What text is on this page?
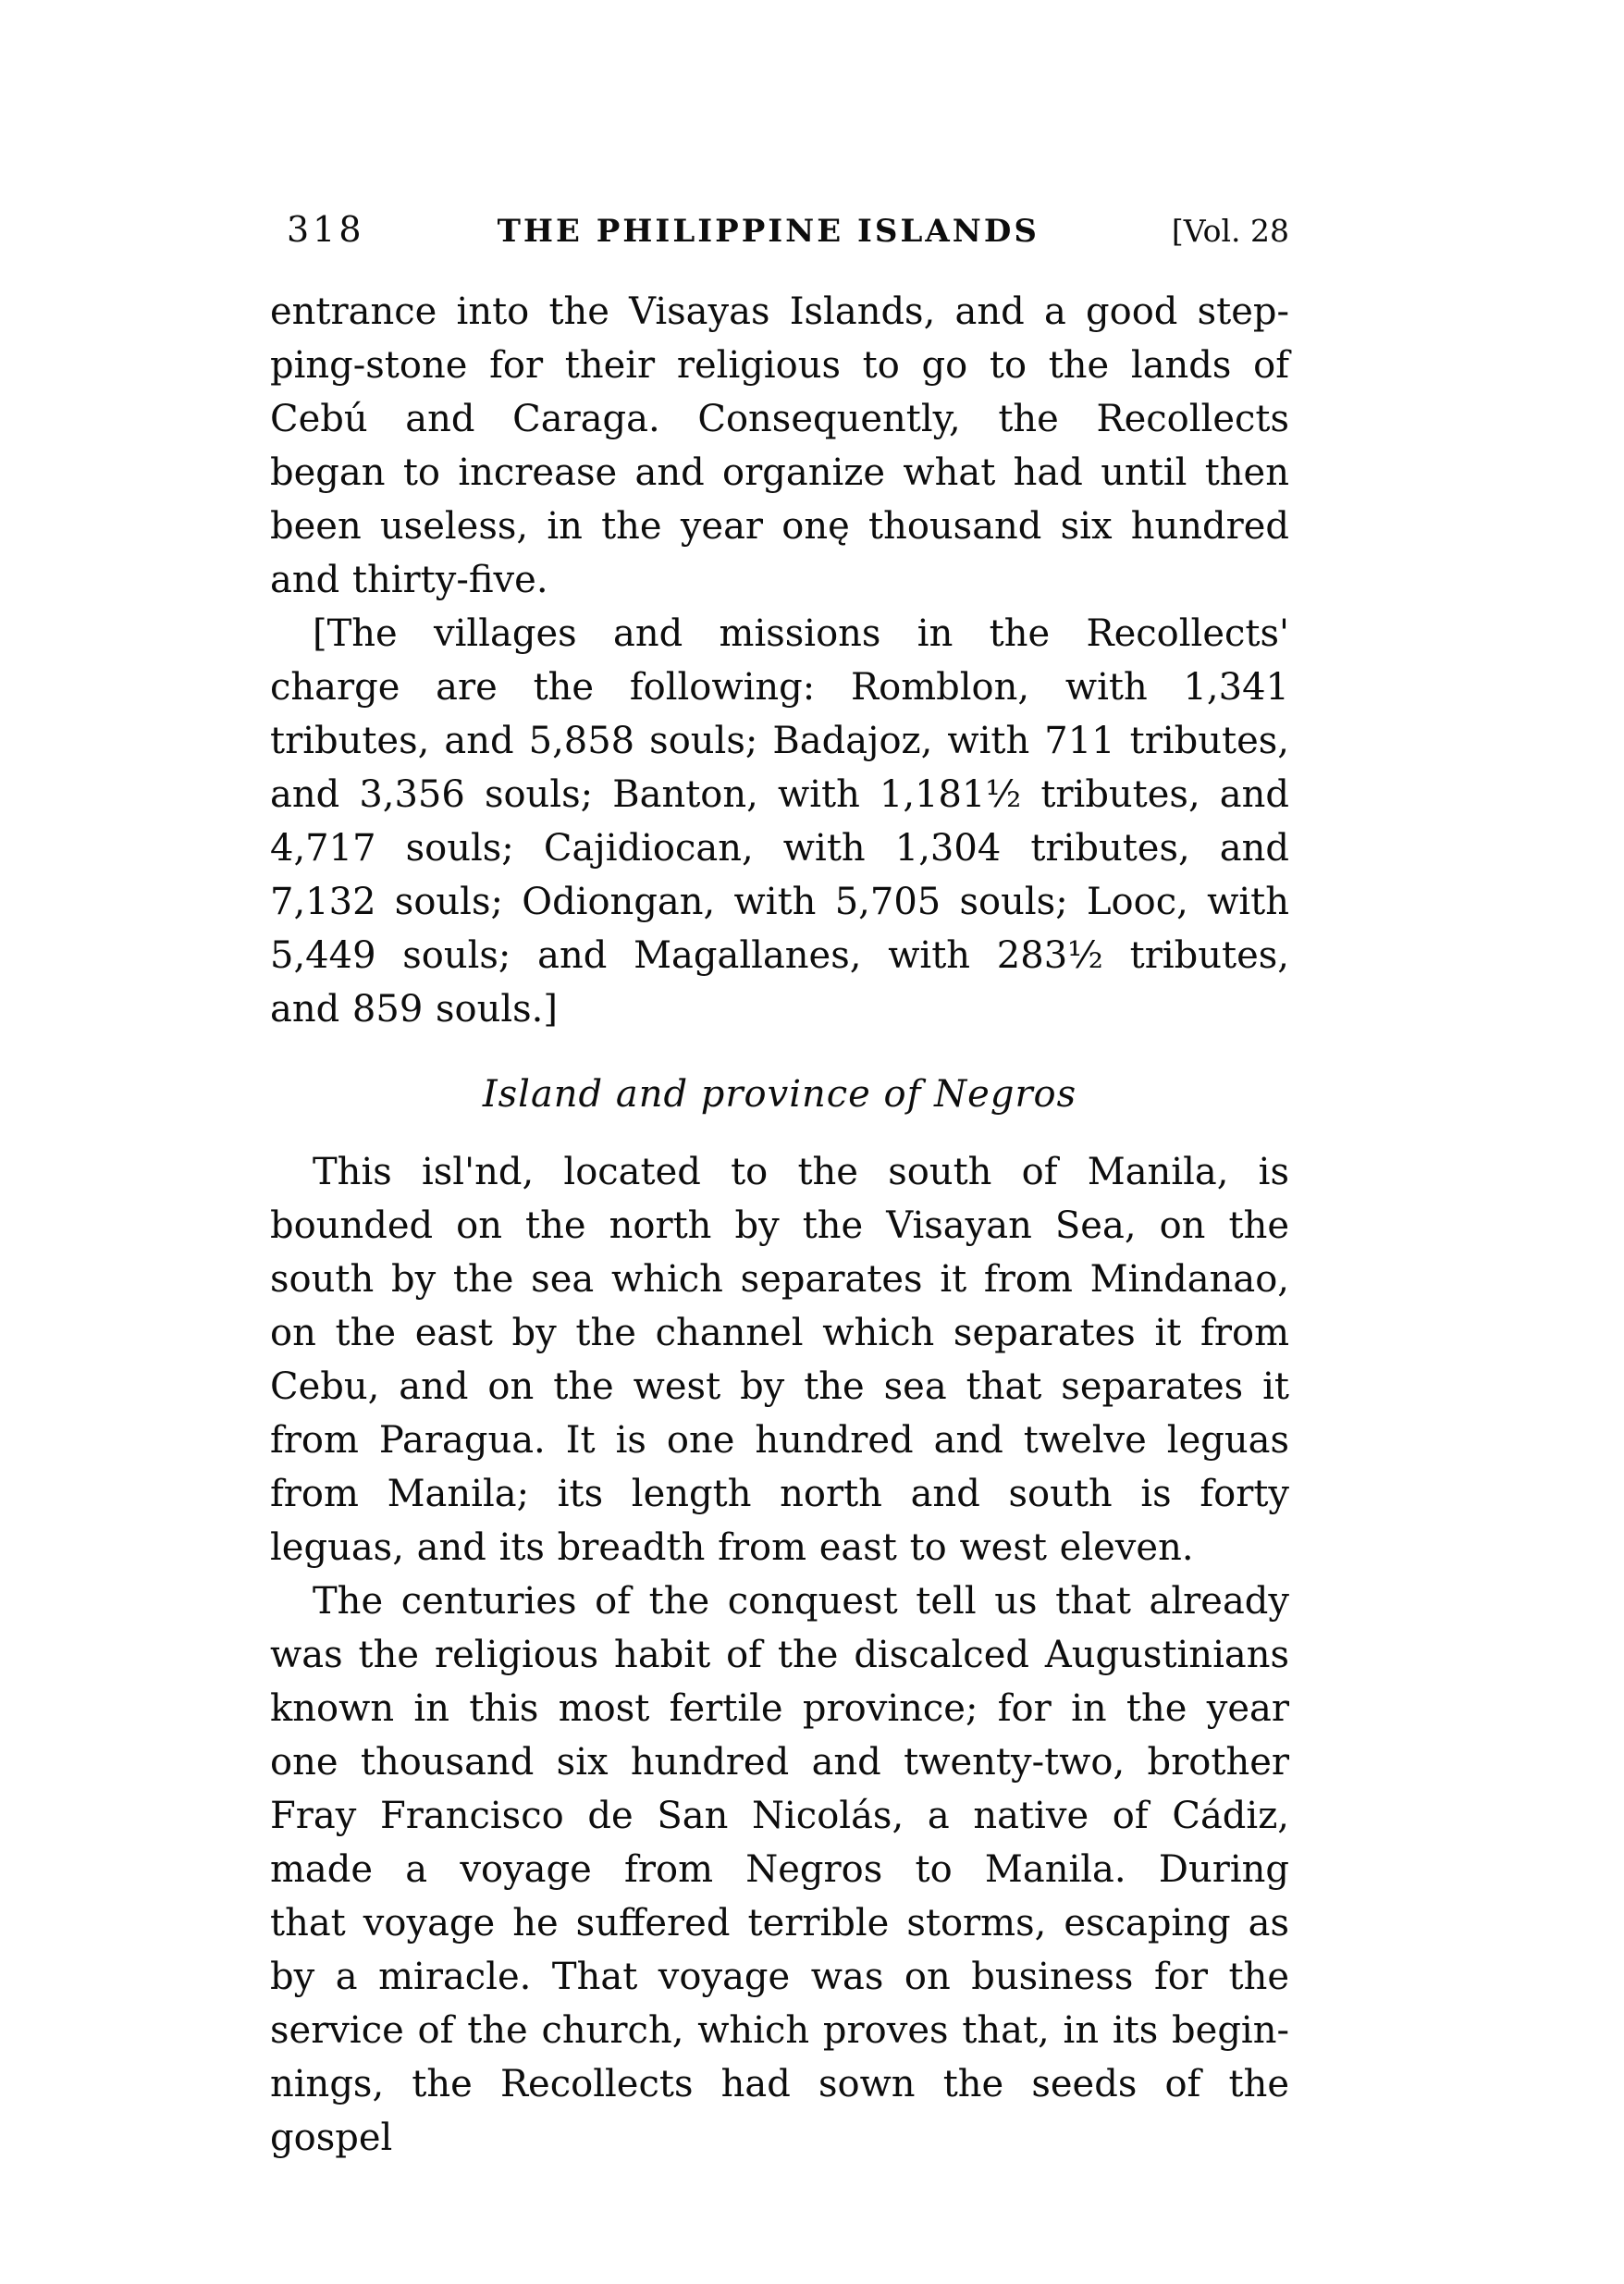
318	THE PHILIPPINE ISLANDS	[Vol. 28
entrance into the Visayas Islands, and a good step-
ping-stone for their religious to go to the lands of
Cebú and Caraga. Consequently, the Recollects
began to increase and organize what had until then
been useless, in the year onę thousand six hundred
and thirty-five.
[The villages and missions in the Recollects'
charge are the following: Romblon, with 1,341
tributes, and 5,858 souls; Badajoz, with 711 tributes,
and 3,356 souls; Banton, with 1,181½ tributes, and
4,717 souls; Cajidiocan, with 1,304 tributes, and
7,132 souls; Odiongan, with 5,705 souls; Looc, with
5,449 souls; and Magallanes, with 283½ tributes,
and 859 souls.]
Island and province of Negros
This isl'nd, located to the south of Manila, is
bounded on the north by the Visayan Sea, on the
south by the sea which separates it from Mindanao,
on the east by the channel which separates it from
Cebu, and on the west by the sea that separates it
from Paragua. It is one hundred and twelve leguas
from Manila; its length north and south is forty
leguas, and its breadth from east to west eleven.
The centuries of the conquest tell us that already
was the religious habit of the discalced Augustinians
known in this most fertile province; for in the year
one thousand six hundred and twenty-two, brother
Fray Francisco de San Nicolás, a native of Cádiz,
made a voyage from Negros to Manila. During
that voyage he suffered terrible storms, escaping as
by a miracle. That voyage was on business for the
service of the church, which proves that, in its begin-
nings, the Recollects had sown the seeds of the gospel
